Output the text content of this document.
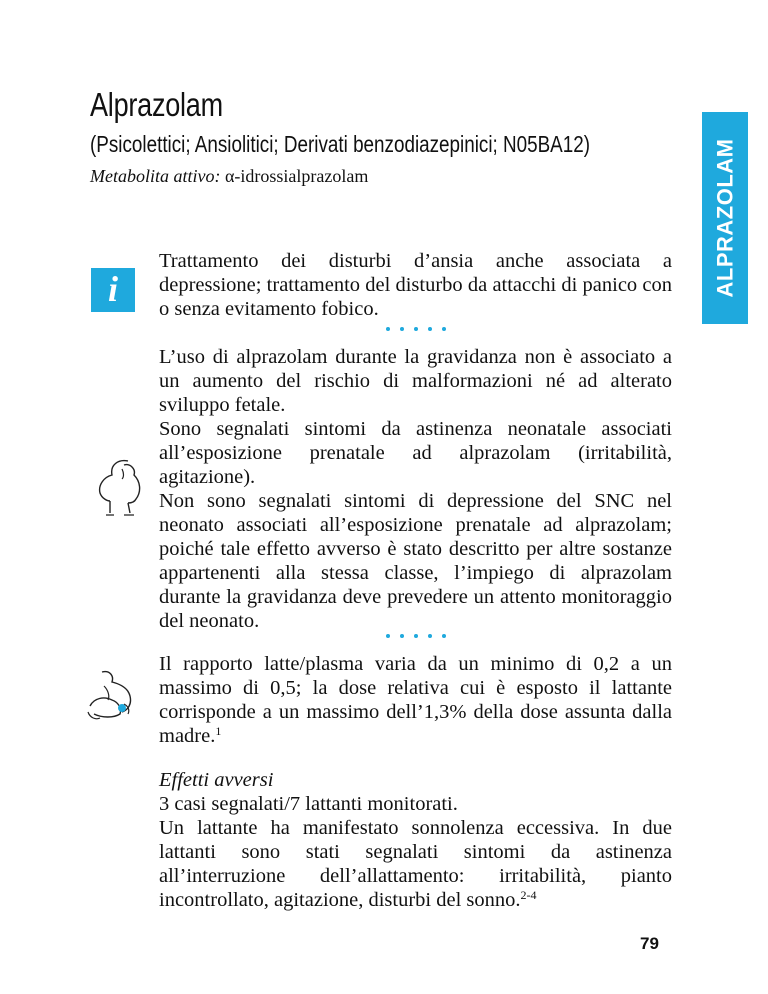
Alprazolam
(Psicolettici; Ansiolitici; Derivati benzodiazepinici; N05BA12)
Metabolita attivo: α-idrossialprazolam	ALPRAZOLAM
i

Trattamento dei disturbi d’ansia anche associata a depressione; trattamento del disturbo da attacchi di panico con o senza evitamento fobico.

L’uso di alprazolam durante la gravidanza non è associato a un aumento del rischio di malformazioni né ad alterato sviluppo fetale.

Sono segnalati sintomi da astinenza neonatale associati all’esposizione prenatale ad alprazolam (irritabilità, agitazione).

Non sono segnalati sintomi di depressione del SNC nel neonato associati all’esposizione prenatale ad alprazolam; poiché tale effetto avverso è stato descritto per altre sostanze appartenenti alla stessa classe, l’impiego di alprazolam durante la gravidanza deve prevedere un attento monitoraggio del neonato.

Il rapporto latte/plasma varia da un minimo di 0,2 a un massimo di 0,5; la dose relativa cui è esposto il lattante corrisponde a un massimo dell’1,3% della dose assunta dalla madre.$^1$

Effetti avversi

3 casi segnalati/7 lattanti monitorati.

Un lattante ha manifestato sonnolenza eccessiva. In due lattanti sono stati segnalati sintomi da astinenza all’interruzione dell’allattamento: irritabilità, pianto incontrollato, agitazione, disturbi del sonno.$^{2-4}$

79
